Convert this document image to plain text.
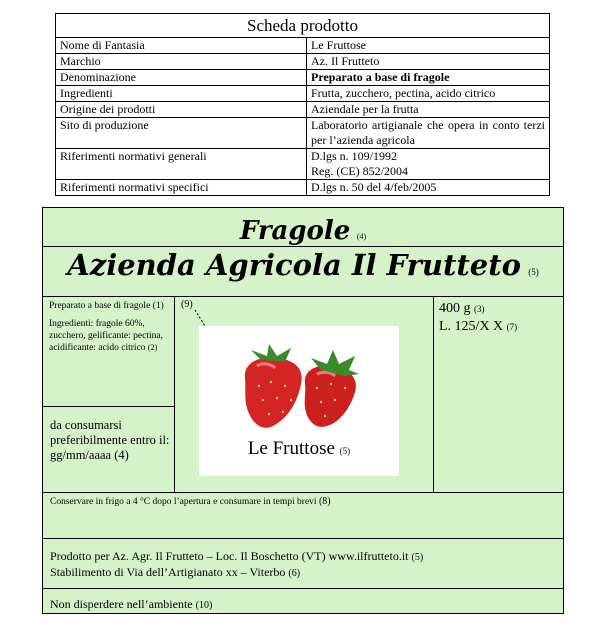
Scheda prodotto	
Nome di Fantasia	Le Fruttose
Marchio	Az. Il Frutteto
Denominazione	Preparato a base di fragole
Ingredienti	Frutta, zucchero, pectina, acido citrico
Origine dei prodotti	Aziendale per la frutta
Sito di produzione	Laboratorio artigianale che opera in conto terzi per l’azienda agricola
Riferimenti normativi generali	D.lgs n. 109/1992
Reg. (CE) 852/2004

Riferimenti normativi specifici	D.lgs n. 50 del 4/feb/2005
Fragole (4)
Azienda Agricola Il Frutteto (5)

Preparato a base di fragole (1)

Ingredienti: fragole 60%, zucchero, gelificante: pectina, acidificante: acido citrico (2)

da consumarsi preferibilmente entro il:
gg/mm/aaaa (4)
(9)
Le Fruttose (5)
400 g (3)
L. 125/X X (7)
Conservare in frigo a 4 °C dopo l’apertura e consumare in tempi brevi (8)
Prodotto per Az. Agr. Il Frutteto – Loc. Il Boschetto (VT) www.ilfrutteto.it (5)
Stabilimento di Via dell’Artigianato xx – Viterbo (6)
Non disperdere nell’ambiente (10)
